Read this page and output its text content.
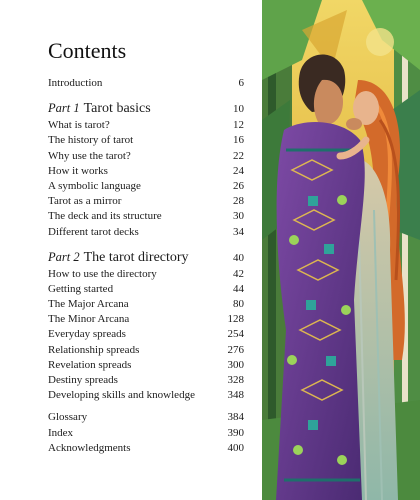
Contents
Introduction	6
Part 1 Tarot basics	10
What is tarot?	12
The history of tarot	16
Why use the tarot?	22
How it works	24
A symbolic language	26
Tarot as a mirror	28
The deck and its structure	30
Different tarot decks	34
Part 2 The tarot directory	40
How to use the directory	42
Getting started	44
The Major Arcana	80
The Minor Arcana	128
Everyday spreads	254
Relationship spreads	276
Revelation spreads	300
Destiny spreads	328
Developing skills and knowledge	348
Glossary	384
Index	390
Acknowledgments	400
